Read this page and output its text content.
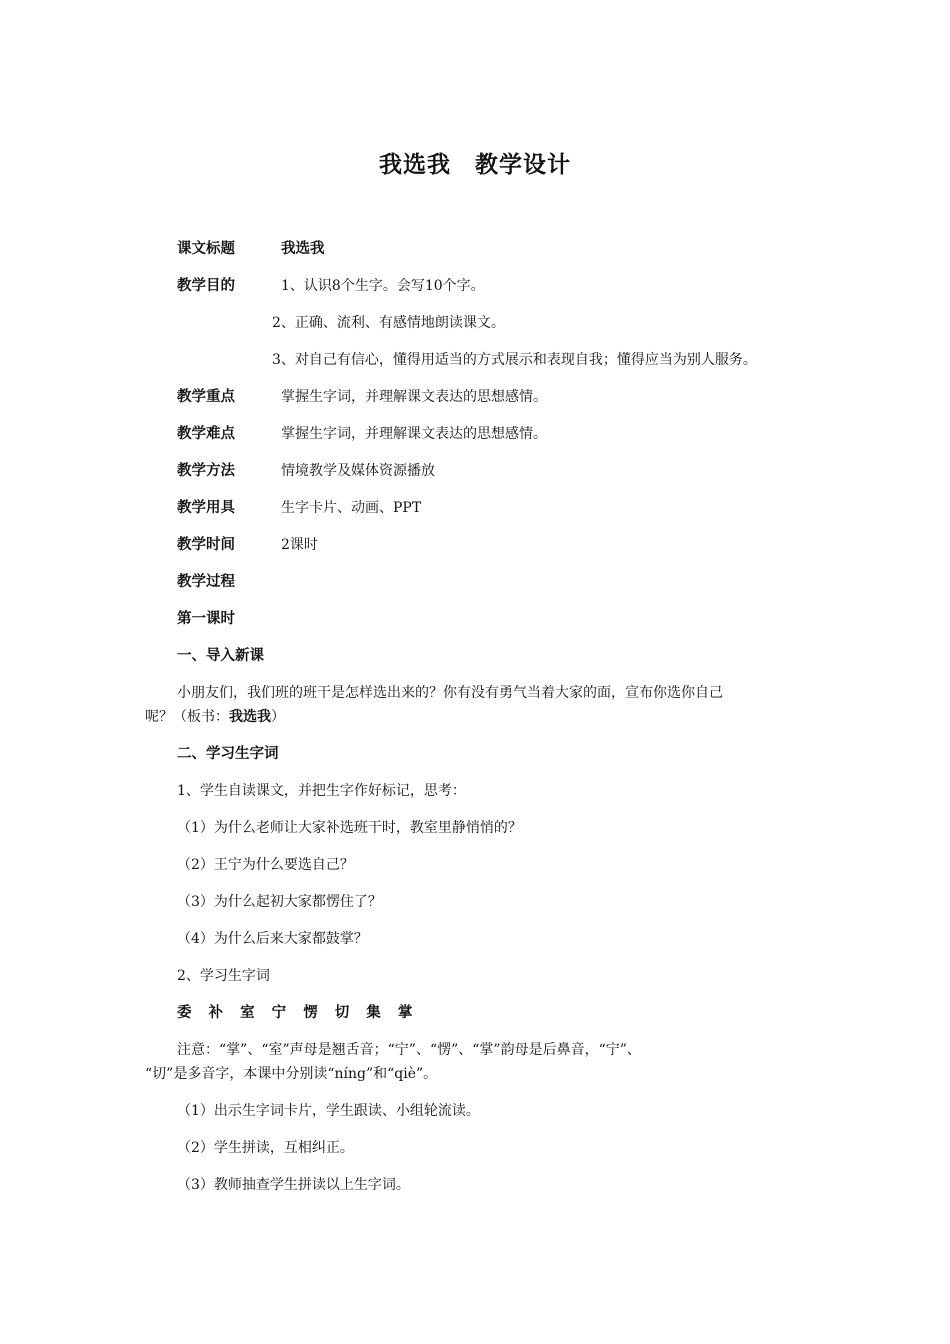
我选我　教学设计
课文标题	我选我
教学目的	1、认识8个生字。会写10个字。
2、正确、流利、有感情地朗读课文。
3、对自己有信心，懂得用适当的方式展示和表现自我；懂得应当为别人服务。
教学重点	掌握生字词，并理解课文表达的思想感情。
教学难点	掌握生字词，并理解课文表达的思想感情。
教学方法	情境教学及媒体资源播放
教学用具	生字卡片、动画、PPT
教学时间	2课时
教学过程
第一课时
一、导入新课
小朋友们，我们班的班干是怎样选出来的？你有没有勇气当着大家的面，宣布你选你自己
呢？（板书：我选我）
二、学习生字词
1、学生自读课文，并把生字作好标记，思考：
（1）为什么老师让大家补选班干时，教室里静悄悄的？
（2）王宁为什么要选自己？
（3）为什么起初大家都愣住了？
（4）为什么后来大家都鼓掌？
2、学习生字词
委 补 室 宁 愣 切 集 掌
注意：“掌”、“室”声母是翘舌音；“宁”、“愣”、“掌”韵母是后鼻音，“宁”、
“切”是多音字，本课中分别读“níng”和“qiè”。
（1）出示生字词卡片，学生跟读、小组轮流读。
（2）学生拼读，互相纠正。
（3）教师抽查学生拼读以上生字词。
